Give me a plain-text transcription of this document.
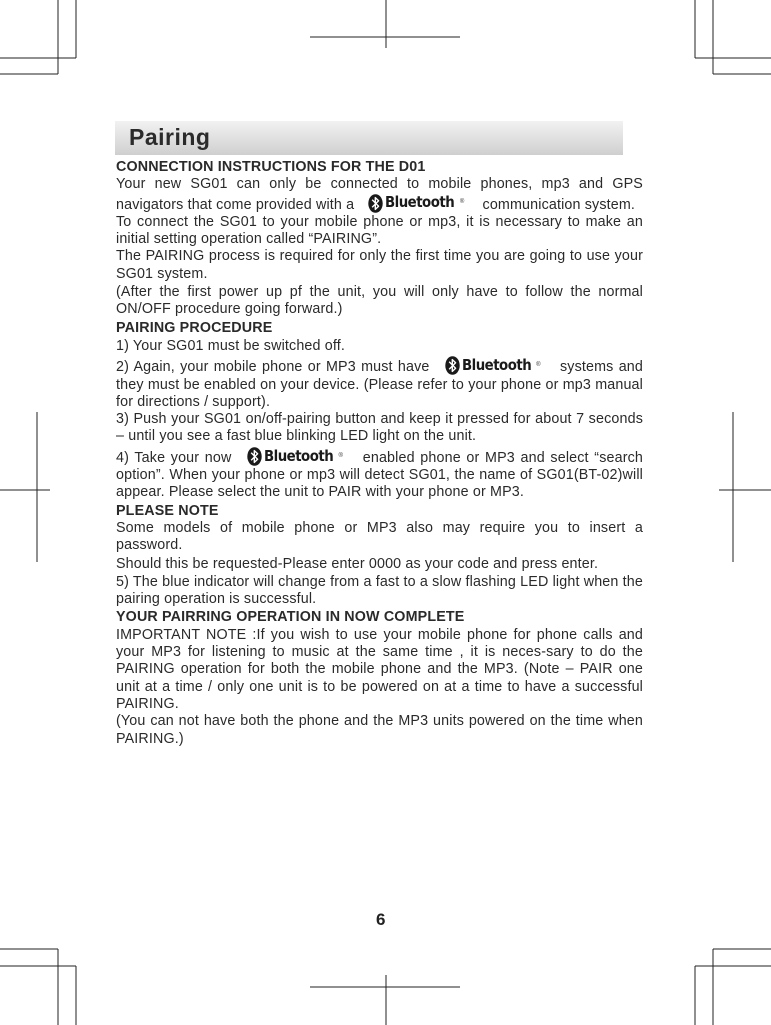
Pairing

CONNECTION INSTRUCTIONS FOR THE D01

Your new SG01 can only be connected to mobile phones, mp3 and GPS navigators that come provided with a Bluetooth ® communication system.

To connect the SG01 to your mobile phone or mp3, it is necessary to make an initial setting operation called “PAIRING”.

The PAIRING process is required for only the first time you are going to use your SG01 system.

(After the first power up pf the unit, you will only have to follow the normal ON/OFF procedure going forward.)

PAIRING PROCEDURE

1) Your SG01 must be switched off.

2) Again, your mobile phone or MP3 must have Bluetooth ® systems and they must be enabled on your device. (Please refer to your phone or mp3 manual for directions / support).

3) Push your SG01 on/off-pairing button and keep it pressed for about 7 seconds – until you see a fast blue blinking LED light on the unit.

4) Take your now Bluetooth ® enabled phone or MP3 and select “search option”. When your phone or mp3 will detect SG01, the name of SG01(BT-02)will appear. Please select the unit to PAIR with your phone or MP3.

PLEASE NOTE

Some models of mobile phone or MP3 also may require you to insert a password.

Should this be requested-Please enter 0000 as your code and press enter.

5) The blue indicator will change from a fast to a slow flashing LED light when the pairing operation is successful.

YOUR PAIRRING OPERATION IN NOW COMPLETE

IMPORTANT NOTE :If you wish to use your mobile phone for phone calls and your MP3 for listening to music at the same time , it is neces-sary to do the PAIRING operation for both the mobile phone and the MP3. (Note – PAIR one unit at a time / only one unit is to be powered on at a time to have a successful PAIRING.

(You can not have both the phone and the MP3 units powered on the time when PAIRING.)

6
